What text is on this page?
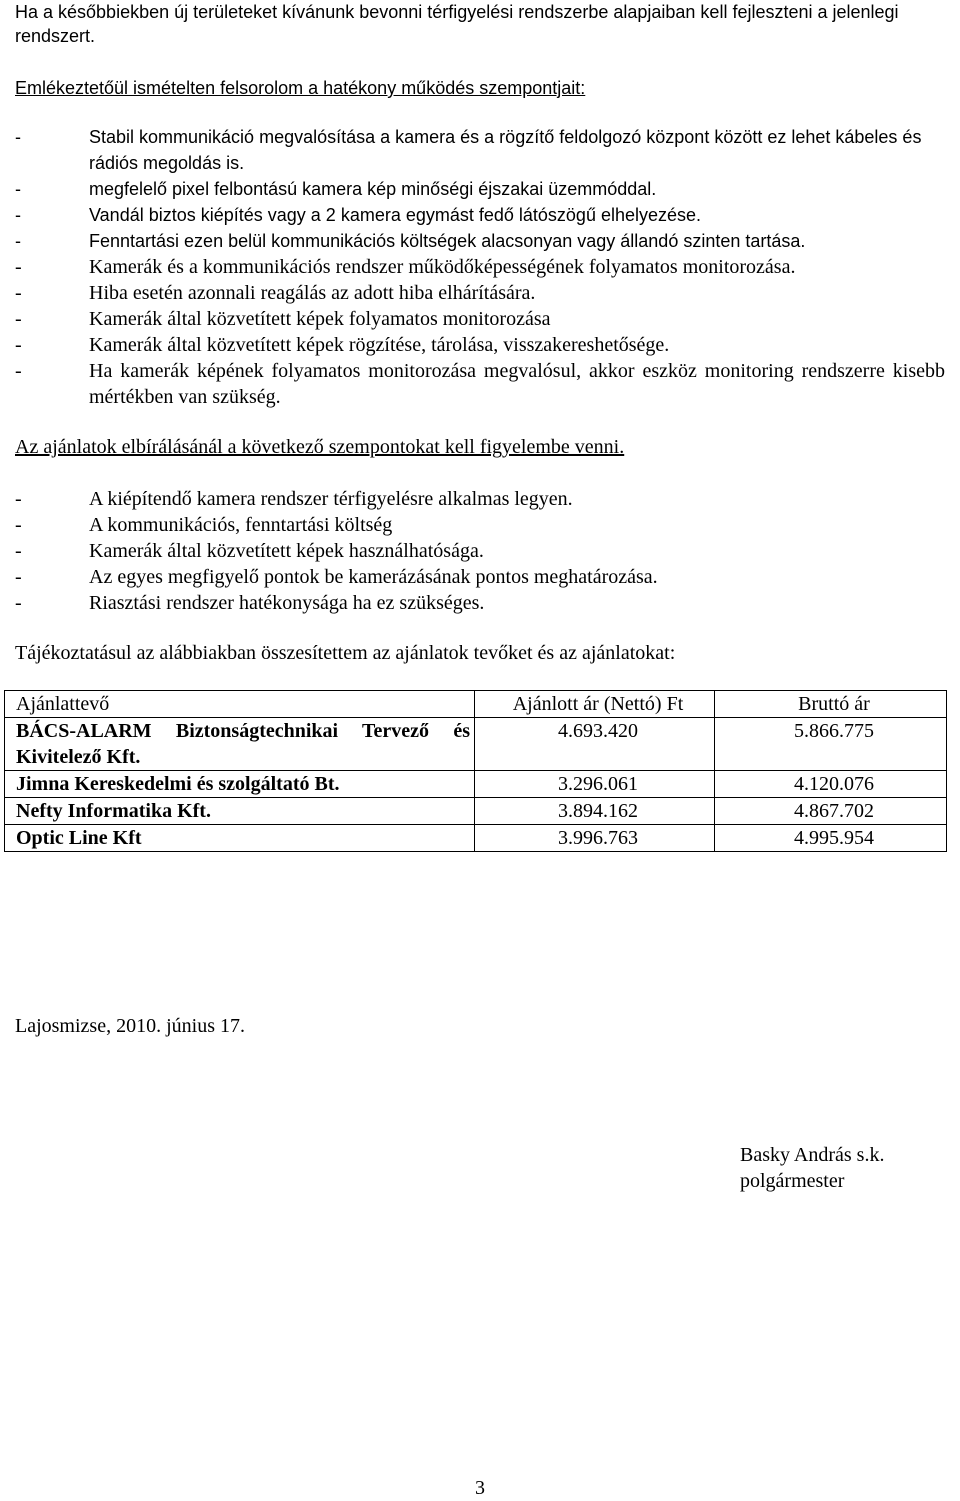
Ha a későbbiekben új területeket kívánunk bevonni térfigyelési rendszerbe alapjaiban kell fejleszteni a jelenlegi rendszert.

Emlékeztetőül ismételten felsorolom a hatékony működés szempontjait:

-	Stabil kommunikáció megvalósítása a kamera és a rögzítő feldolgozó központ között ez lehet kábeles és rádiós megoldás is.
-	megfelelő pixel felbontású kamera kép minőségi éjszakai üzemmóddal.
-	Vandál biztos kiépítés vagy a 2 kamera egymást fedő látószögű elhelyezése.
-	Fenntartási ezen belül kommunikációs költségek alacsonyan vagy állandó szinten tartása.
-	Kamerák és a kommunikációs rendszer működőképességének folyamatos monitorozása.
-	Hiba esetén azonnali reagálás az adott hiba elhárítására.
-	Kamerák által közvetített képek folyamatos monitorozása
-	Kamerák által közvetített képek rögzítése, tárolása, visszakereshetősége.
-	Ha kamerák képének folyamatos monitorozása megvalósul, akkor eszköz monitoring rendszerre kisebb mértékben van szükség.

Az ajánlatok elbírálásánál a következő szempontokat kell figyelembe venni.

-	A kiépítendő kamera rendszer térfigyelésre alkalmas legyen.
-	A kommunikációs, fenntartási költség
-	Kamerák által közvetített képek használhatósága.
-	Az egyes megfigyelő pontok be kamerázásának pontos meghatározása.
-	Riasztási rendszer hatékonysága ha ez szükséges.

Tájékoztatásul az alábbiakban összesítettem az ajánlatok tevőket és az ajánlatokat:

Ajánlattevő	Ajánlott ár (Nettó) Ft	Bruttó ár
BÁCS-ALARM Biztonságtechnikai Tervező és Kivitelező Kft.	4.693.420	5.866.775
Jimna Kereskedelmi és szolgáltató Bt.	3.296.061	4.120.076
Nefty Informatika Kft.	3.894.162	4.867.702
Optic Line Kft	3.996.763	4.995.954
Lajosmizse, 2010. június 17.
Basky András s.k.
polgármester
3
